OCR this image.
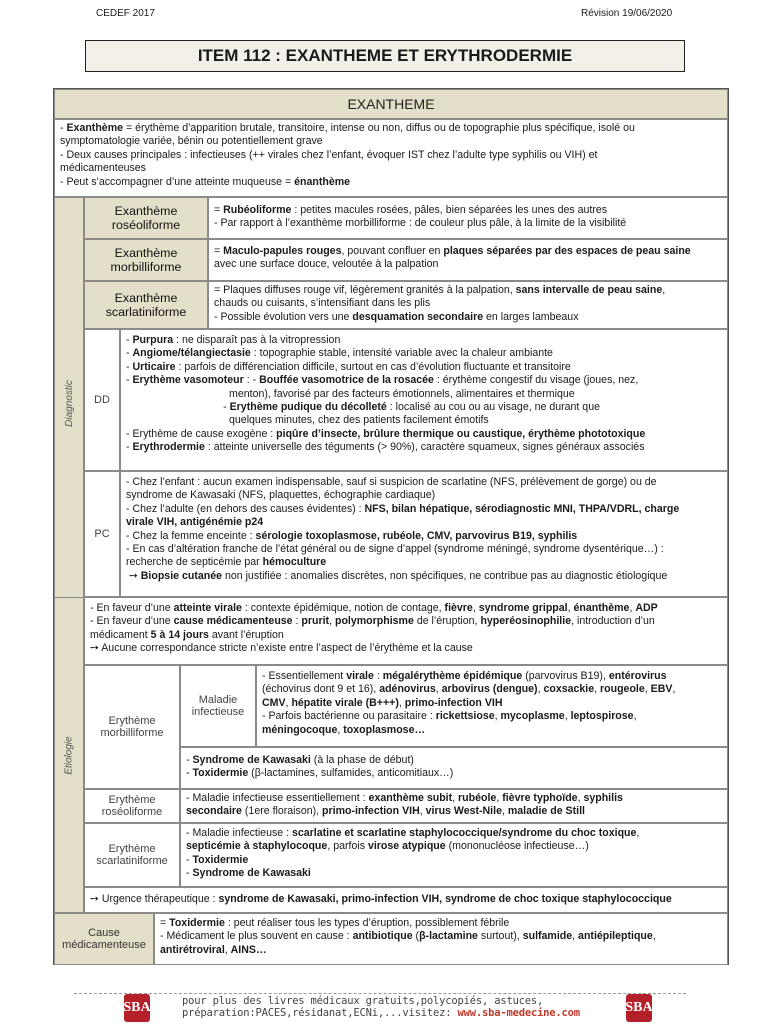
CEDEF 2017	Révision 19/06/2020
ITEM 112 : EXANTHEME ET ERYTHRODERMIE
EXANTHEME
- Exanthème = érythème d’apparition brutale, transitoire, intense ou non, diffus ou de topographie plus spécifique, isolé ou
symptomatologie variée, bénin ou potentiellement grave
- Deux causes principales : infectieuses (++ virales chez l’enfant, évoquer IST chez l’adulte type syphilis ou VIH) et
médicamenteuses
- Peut s’accompagner d’une atteinte muqueuse = énanthème
Diagnostic
Exanthème roséoliforme
= Rubéoliforme : petites macules rosées, pâles, bien séparées les unes des autres
- Par rapport à l’exanthème morbilliforme : de couleur plus pâle, à la limite de la visibilité
Exanthème morbilliforme
= Maculo-papules rouges, pouvant confluer en plaques séparées par des espaces de peau saine
avec une surface douce, veloutée à la palpation
Exanthème scarlatiniforme
= Plaques diffuses rouge vif, légèrement granités à la palpation, sans intervalle de peau saine,
chauds ou cuisants, s’intensifiant dans les plis
- Possible évolution vers une desquamation secondaire en larges lambeaux
DD
- Purpura : ne disparaît pas à la vitropression
- Angiome/télangiectasie : topographie stable, intensité variable avec la chaleur ambiante
- Urticaire : parfois de différenciation difficile, surtout en cas d’évolution fluctuante et transitoire
- Erythème vasomoteur : - Bouffée vasomotrice de la rosacée : érythème congestif du visage (joues, nez,
menton), favorisé par des facteurs émotionnels, alimentaires et thermique
- Erythème pudique du décolleté : localisé au cou ou au visage, ne durant que
quelques minutes, chez des patients facilement émotifs
- Erythème de cause exogène : piqûre d’insecte, brûlure thermique ou caustique, érythème phototoxique
- Erythrodermie : atteinte universelle des téguments (> 90%), caractère squameux, signes généraux associés
PC
- Chez l’enfant : aucun examen indispensable, sauf si suspicion de scarlatine (NFS, prélèvement de gorge) ou de
syndrome de Kawasaki (NFS, plaquettes, échographie cardiaque)
- Chez l’adulte (en dehors des causes évidentes) : NFS, bilan hépatique, sérodiagnostic MNI, THPA/VDRL, charge
virale VIH, antigénémie p24
- Chez la femme enceinte : sérologie toxoplasmose, rubéole, CMV, parvovirus B19, syphilis
- En cas d’altération franche de l’état général ou de signe d’appel (syndrome méningé, syndrome dysentérique…) :
recherche de septicémie par hémoculture
➙ Biopsie cutanée non justifiée : anomalies discrètes, non spécifiques, ne contribue pas au diagnostic étiologique
Etiologie
- En faveur d’une atteinte virale : contexte épidémique, notion de contage, fièvre, syndrome grippal, énanthème, ADP
- En faveur d’une cause médicamenteuse : prurit, polymorphisme de l’éruption, hyperéosinophilie, introduction d’un
médicament 5 à 14 jours avant l’éruption
➙ Aucune correspondance stricte n’existe entre l’aspect de l’érythème et la cause
Erythème morbilliforme
Maladie infectieuse
- Essentiellement virale : mégalérythème épidémique (parvovirus B19), entérovirus
(échovirus dont 9 et 16), adénovirus, arbovirus (dengue), coxsackie, rougeole, EBV,
CMV, hépatite virale (B+++), primo-infection VIH
- Parfois bactérienne ou parasitaire : rickettsiose, mycoplasme, leptospirose,
méningocoque, toxoplasmose…
- Syndrome de Kawasaki (à la phase de début)
- Toxidermie (β-lactamines, sulfamides, anticomitiaux…)
Erythème roséoliforme
- Maladie infectieuse essentiellement : exanthème subit, rubéole, fièvre typhoïde, syphilis
secondaire (1ere floraison), primo-infection VIH, virus West-Nile, maladie de Still
Erythème scarlatiniforme
- Maladie infectieuse : scarlatine et scarlatine staphylococcique/syndrome du choc toxique,
septicémie à staphylocoque, parfois virose atypique (mononucléose infectieuse…)
- Toxidermie
- Syndrome de Kawasaki
➙ Urgence thérapeutique : syndrome de Kawasaki, primo-infection VIH, syndrome de choc toxique staphylococcique
Cause médicamenteuse
= Toxidermie : peut réaliser tous les types d’éruption, possiblement fébrile
- Médicament le plus souvent en cause : antibiotique (β-lactamine surtout), sulfamide, antiépileptique,
antirétroviral, AINS…
SBA	SBA
pour plus des livres médicaux gratuits,polycopiés, astuces,
préparation:PACES,résidanat,ECNi,...visitez: www.sba-medecine.com
